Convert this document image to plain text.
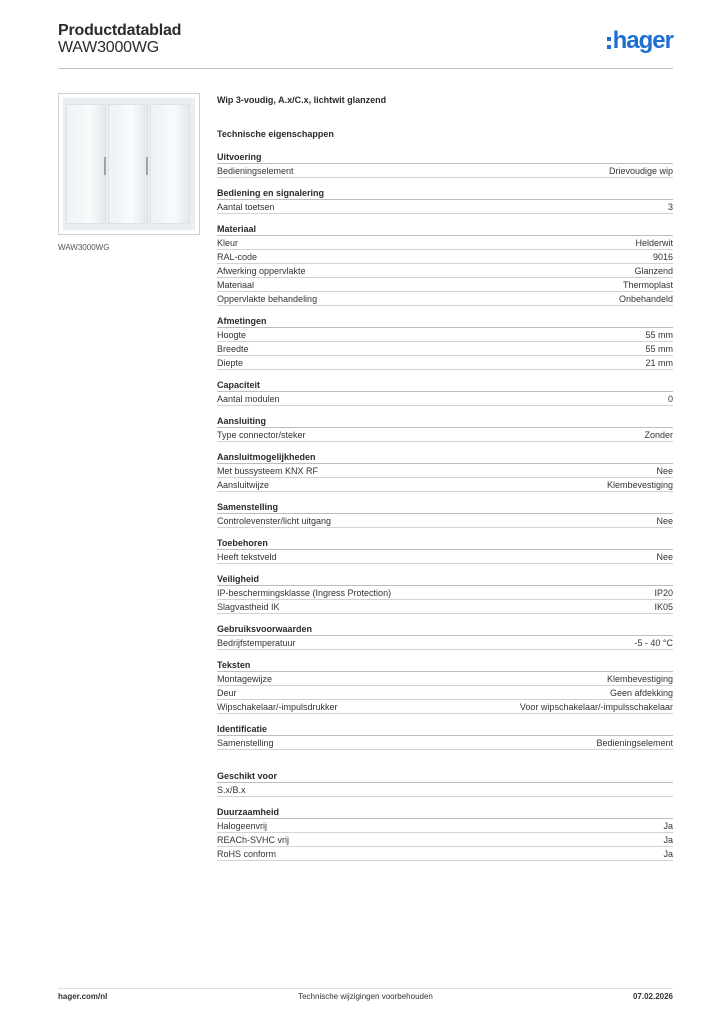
Productdatablad
WAW3000WG	hager
WAW3000WG
Wip 3-voudig, A.x/C.x, lichtwit glanzend
Technische eigenschappen
Uitvoering
Bedieningselement	Drievoudige wip
Bediening en signalering
Aantal toetsen	3
Materiaal
Kleur	Helderwit
RAL-code	9016
Afwerking oppervlakte	Glanzend
Materiaal	Thermoplast
Oppervlakte behandeling	Onbehandeld
Afmetingen
Hoogte	55 mm
Breedte	55 mm
Diepte	21 mm
Capaciteit
Aantal modulen	0
Aansluiting
Type connector/steker	Zonder
Aansluitmogelijkheden
Met bussysteem KNX RF	Nee
Aansluitwijze	Klembevestiging
Samenstelling
Controlevenster/licht uitgang	Nee
Toebehoren
Heeft tekstveld	Nee
Veiligheid
IP-beschermingsklasse (Ingress Protection)	IP20
Slagvastheid IK	IK05
Gebruiksvoorwaarden
Bedrijfstemperatuur	-5 - 40 °C
Teksten
Montagewijze	Klembevestiging
Deur	Geen afdekking
Wipschakelaar/-impulsdrukker	Voor wipschakelaar/-impulsschakelaar
Identificatie
Samenstelling	Bedieningselement
Geschikt voor
S.x/B.x
Duurzaamheid
Halogeenvrij	Ja
REACh-SVHC vrij	Ja
RoHS conform	Ja
hager.com/nl	Technische wijzigingen voorbehouden	07.02.2026
